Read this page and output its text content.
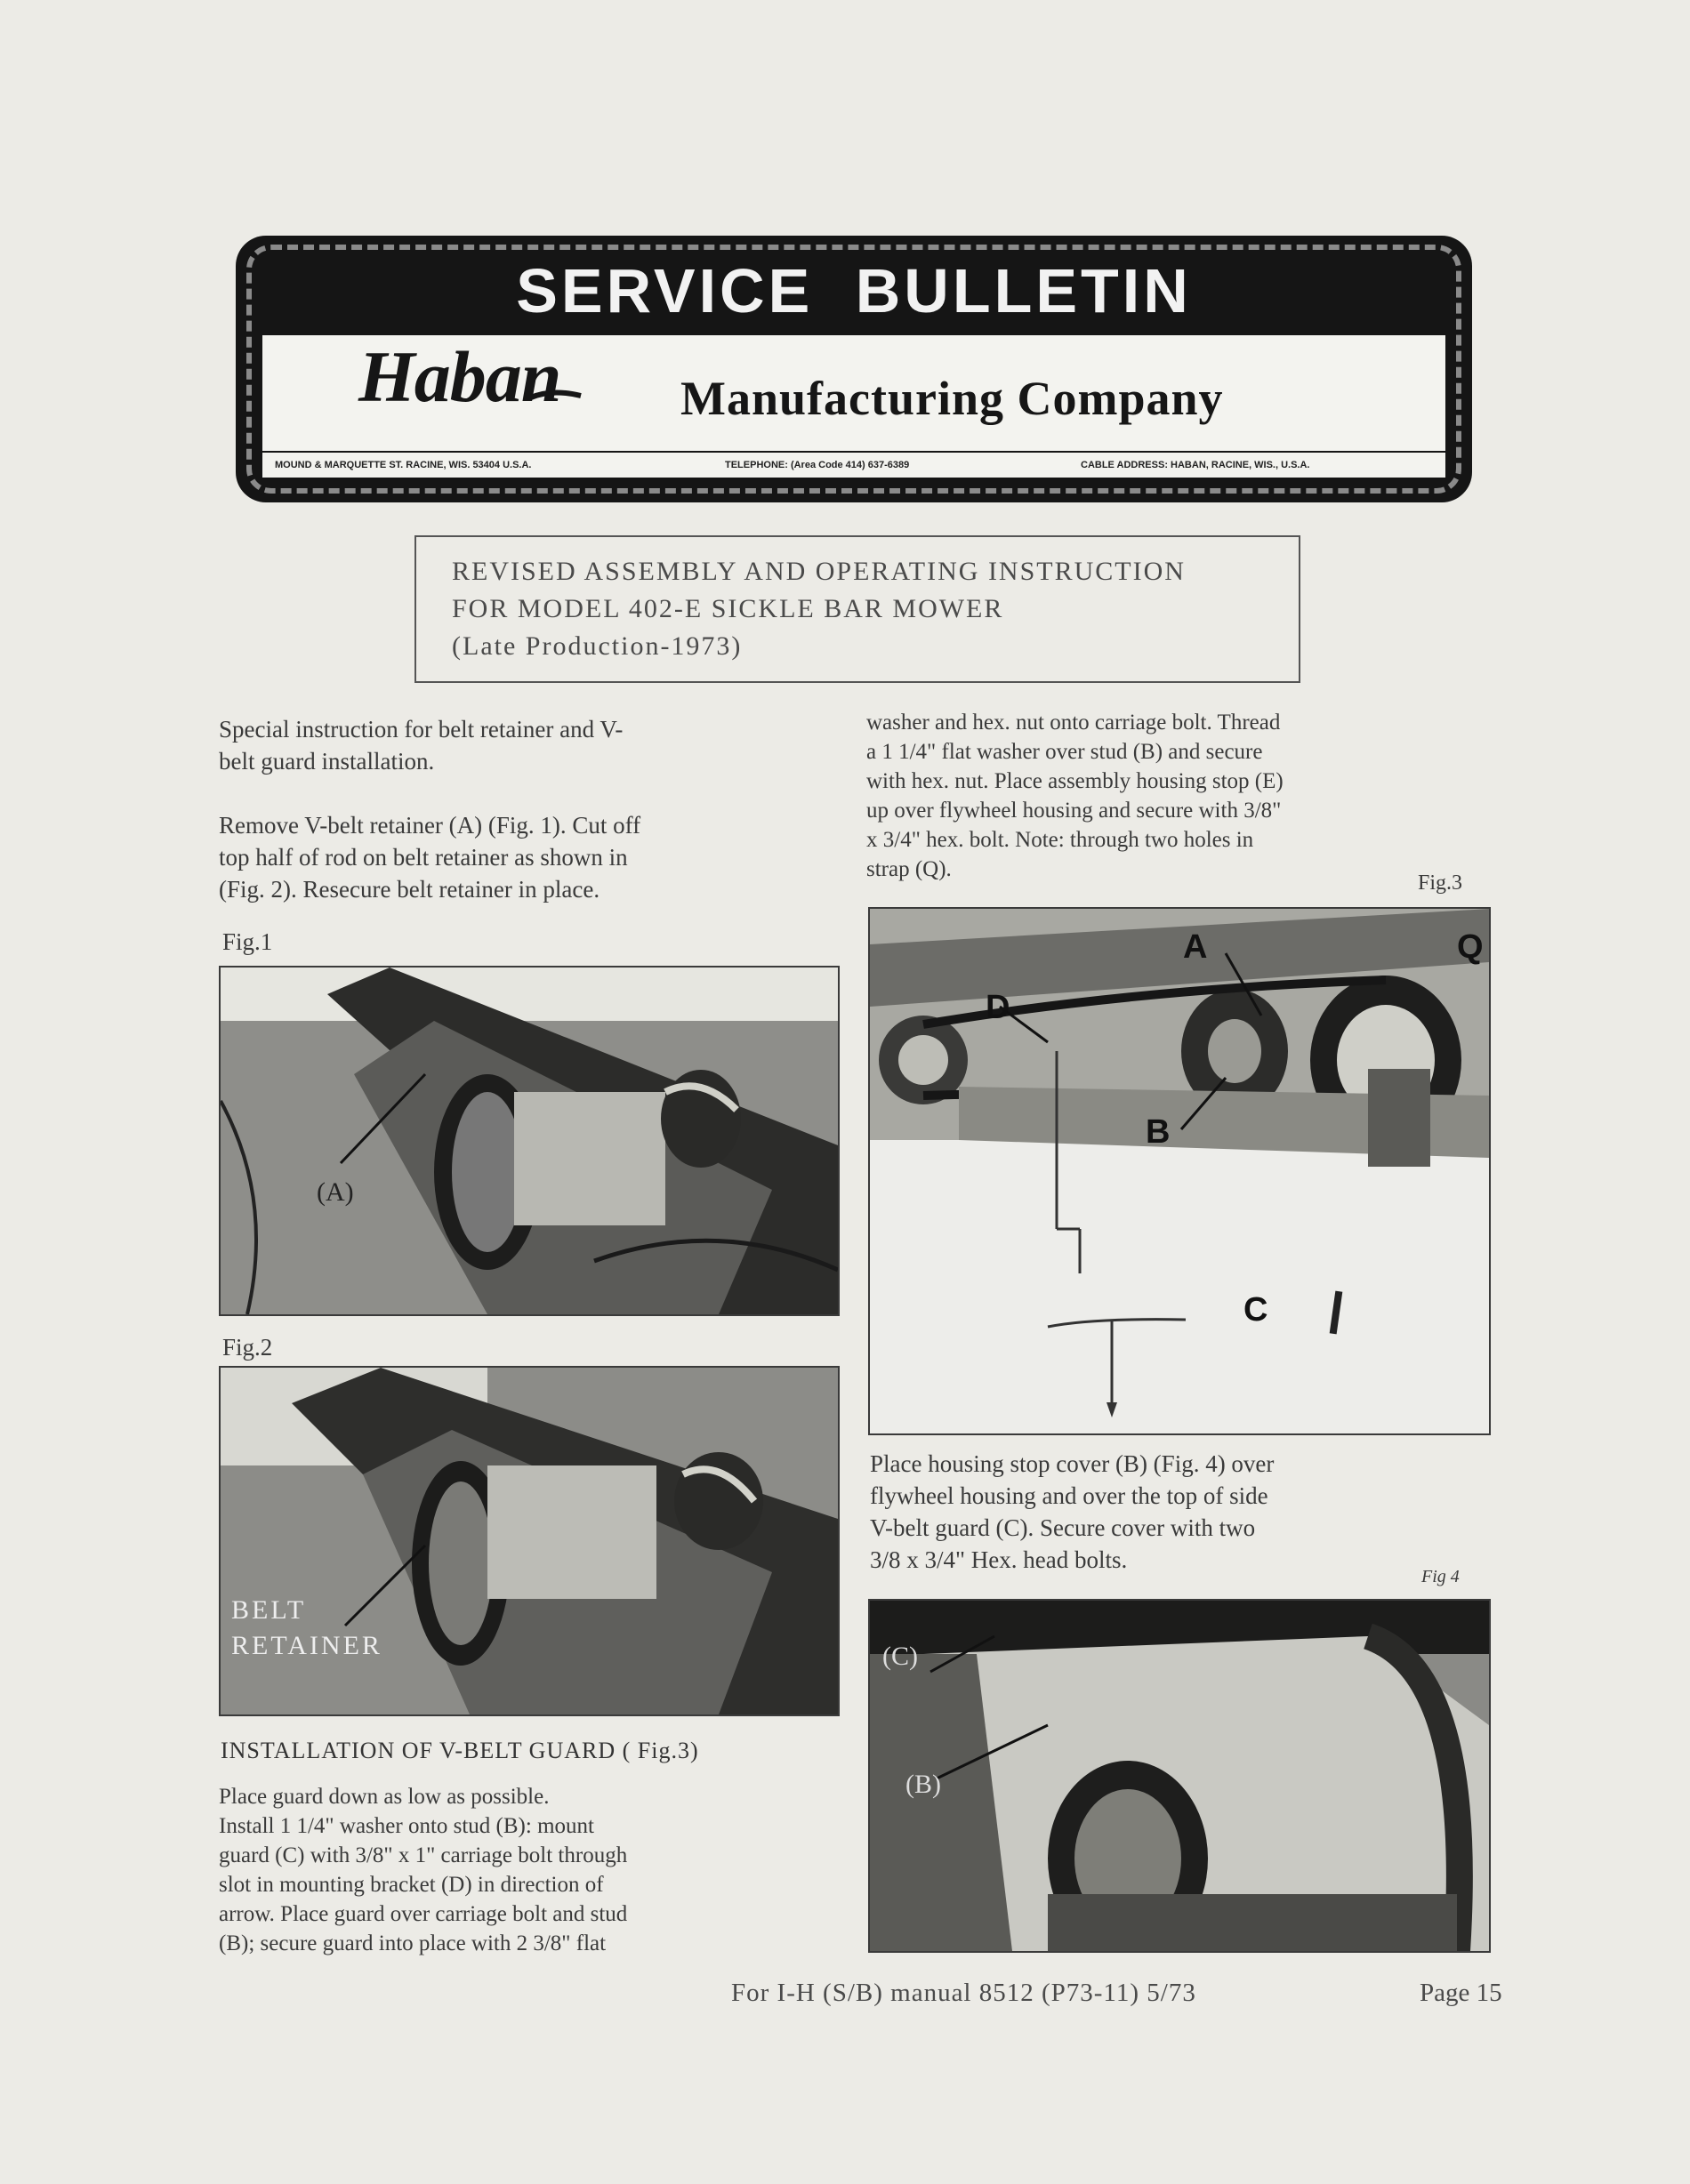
SERVICE BULLETIN
Haban Manufacturing Company
MOUND & MARQUETTE ST. RACINE, WIS. 53404 U.S.A.	TELEPHONE: (Area Code 414) 637-6389	CABLE ADDRESS: HABAN, RACINE, WIS., U.S.A.
REVISED ASSEMBLY AND OPERATING INSTRUCTION
FOR MODEL 402-E SICKLE BAR MOWER
(Late Production-1973)
Special instruction for belt retainer and V-
belt guard installation.
Remove V-belt retainer (A) (Fig. 1). Cut off
top half of rod on belt retainer as shown in
(Fig. 2). Resecure belt retainer in place.
Fig.1
(A)
Fig.2
BELT
RETAINER
INSTALLATION OF V-BELT GUARD ( Fig.3)
Place guard down as low as possible.
Install 1 1/4" washer onto stud (B): mount
guard (C) with 3/8" x 1" carriage bolt through
slot in mounting bracket (D) in direction of
arrow. Place guard over carriage bolt and stud
(B); secure guard into place with 2 3/8" flat
washer and hex. nut onto carriage bolt. Thread
a 1 1/4" flat washer over stud (B) and secure
with hex. nut. Place assembly housing stop (E)
up over flywheel housing and secure with 3/8"
x 3/4" hex. bolt. Note: through two holes in
strap (Q).
Fig.3
A
D
B
C
Q
Place housing stop cover (B) (Fig. 4) over
flywheel housing and over the top of side
V-belt guard (C). Secure cover with two
3/8 x 3/4" Hex. head bolts.
Fig 4
(C)
(B)
For I-H (S/B) manual 8512 (P73-11) 5/73	Page 15
